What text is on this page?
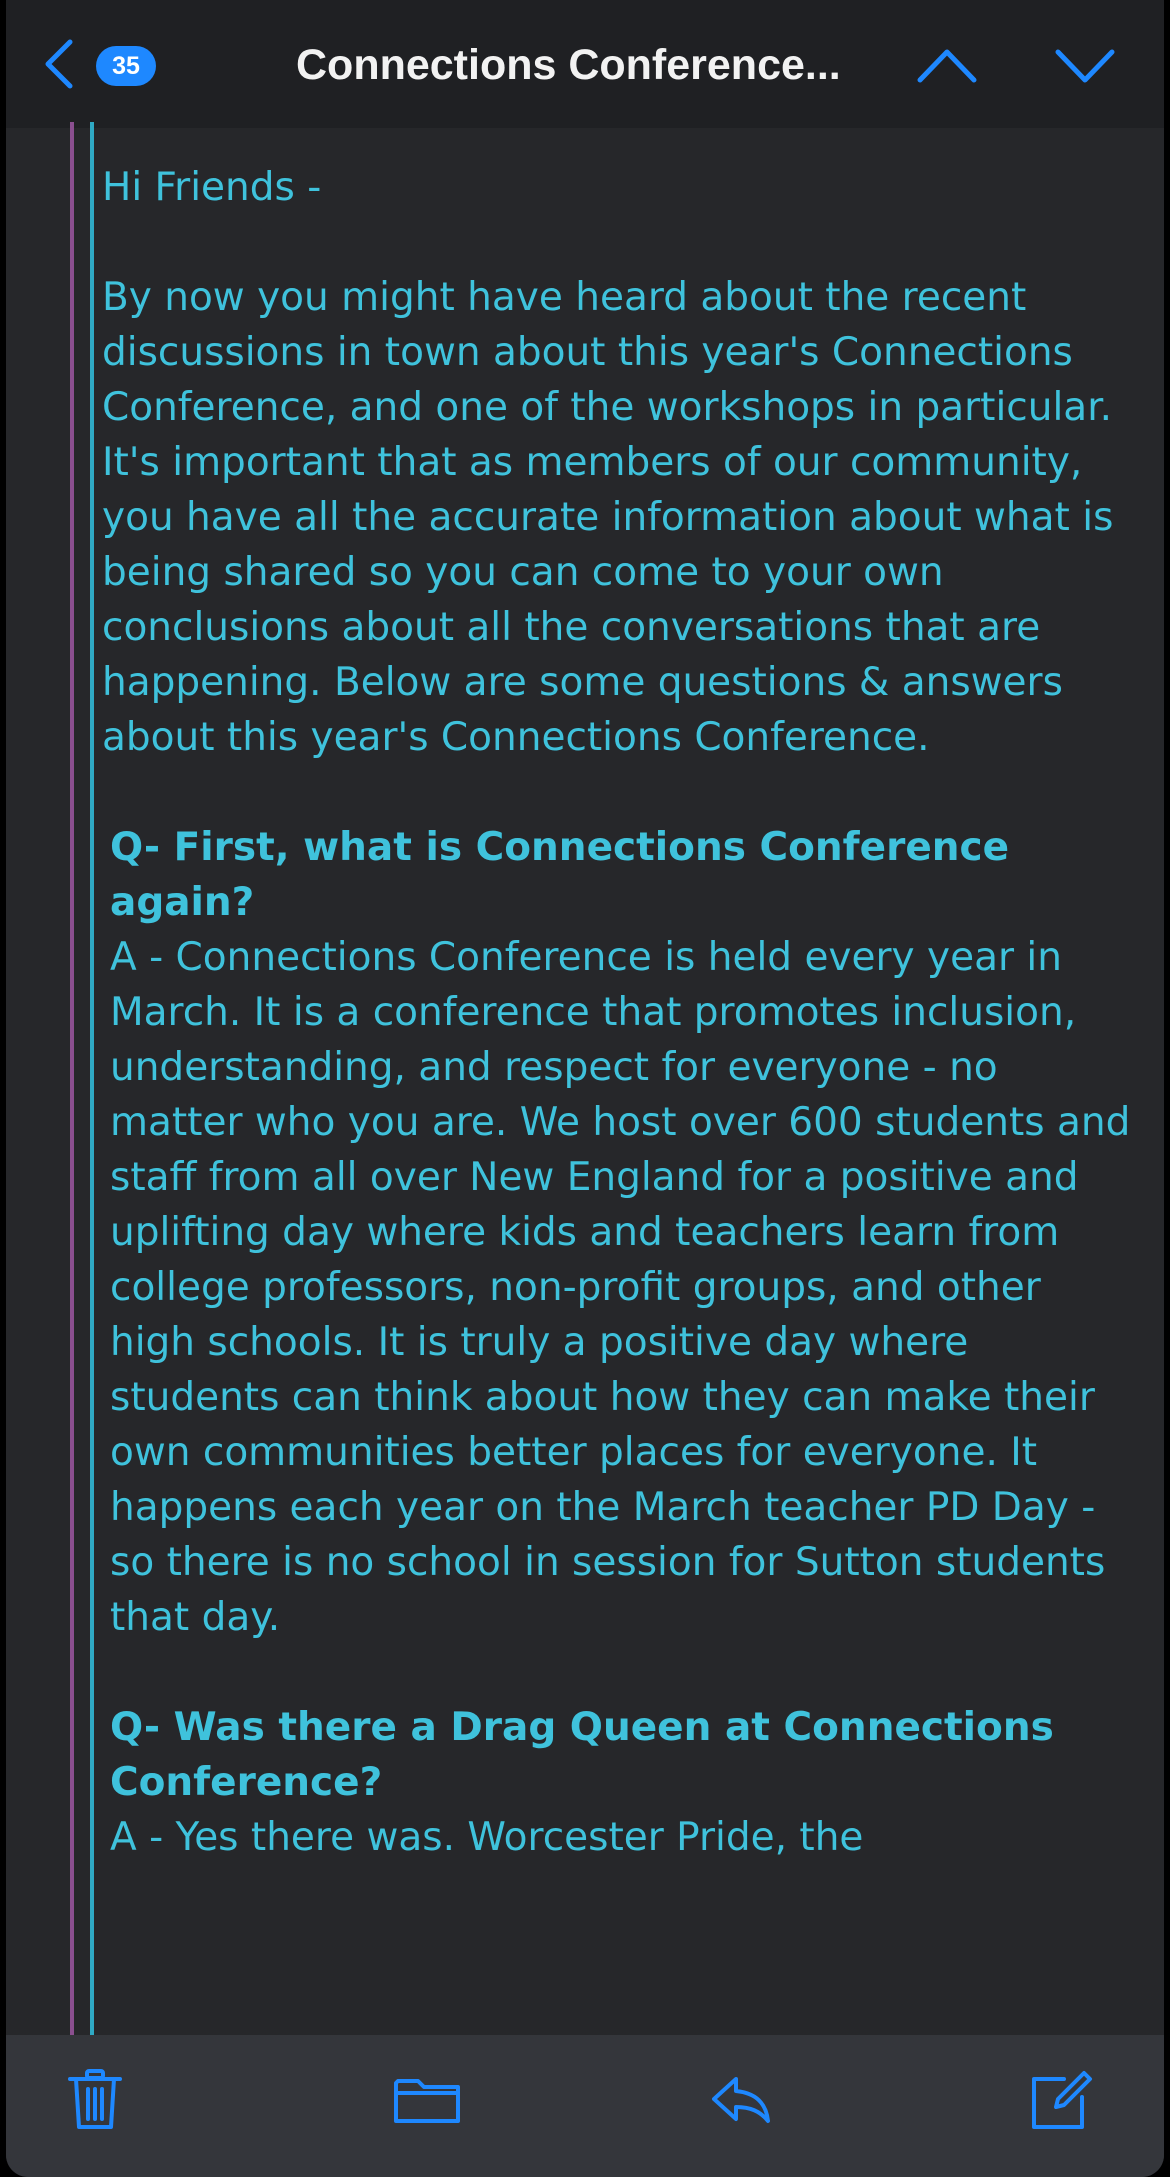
35	Connections Conference...

Hi Friends -

By now you might have heard about the recent discussions in town about this year's Connections Conference, and one of the workshops in particular. It's important that as members of our community, you have all the accurate information about what is being shared so you can come to your own conclusions about all the conversations that are happening. Below are some questions & answers about this year's Connections Conference.

Q- First, what is Connections Conference again?

A - Connections Conference is held every year in March. It is a conference that promotes inclusion, understanding, and respect for everyone - no matter who you are. We host over 600 students and staff from all over New England for a positive and uplifting day where kids and teachers learn from college professors, non-profit groups, and other high schools. It is truly a positive day where students can think about how they can make their own communities better places for everyone. It happens each year on the March teacher PD Day - so there is no school in session for Sutton students that day.

Q- Was there a Drag Queen at Connections Conference?

A - Yes there was. Worcester Pride, the
